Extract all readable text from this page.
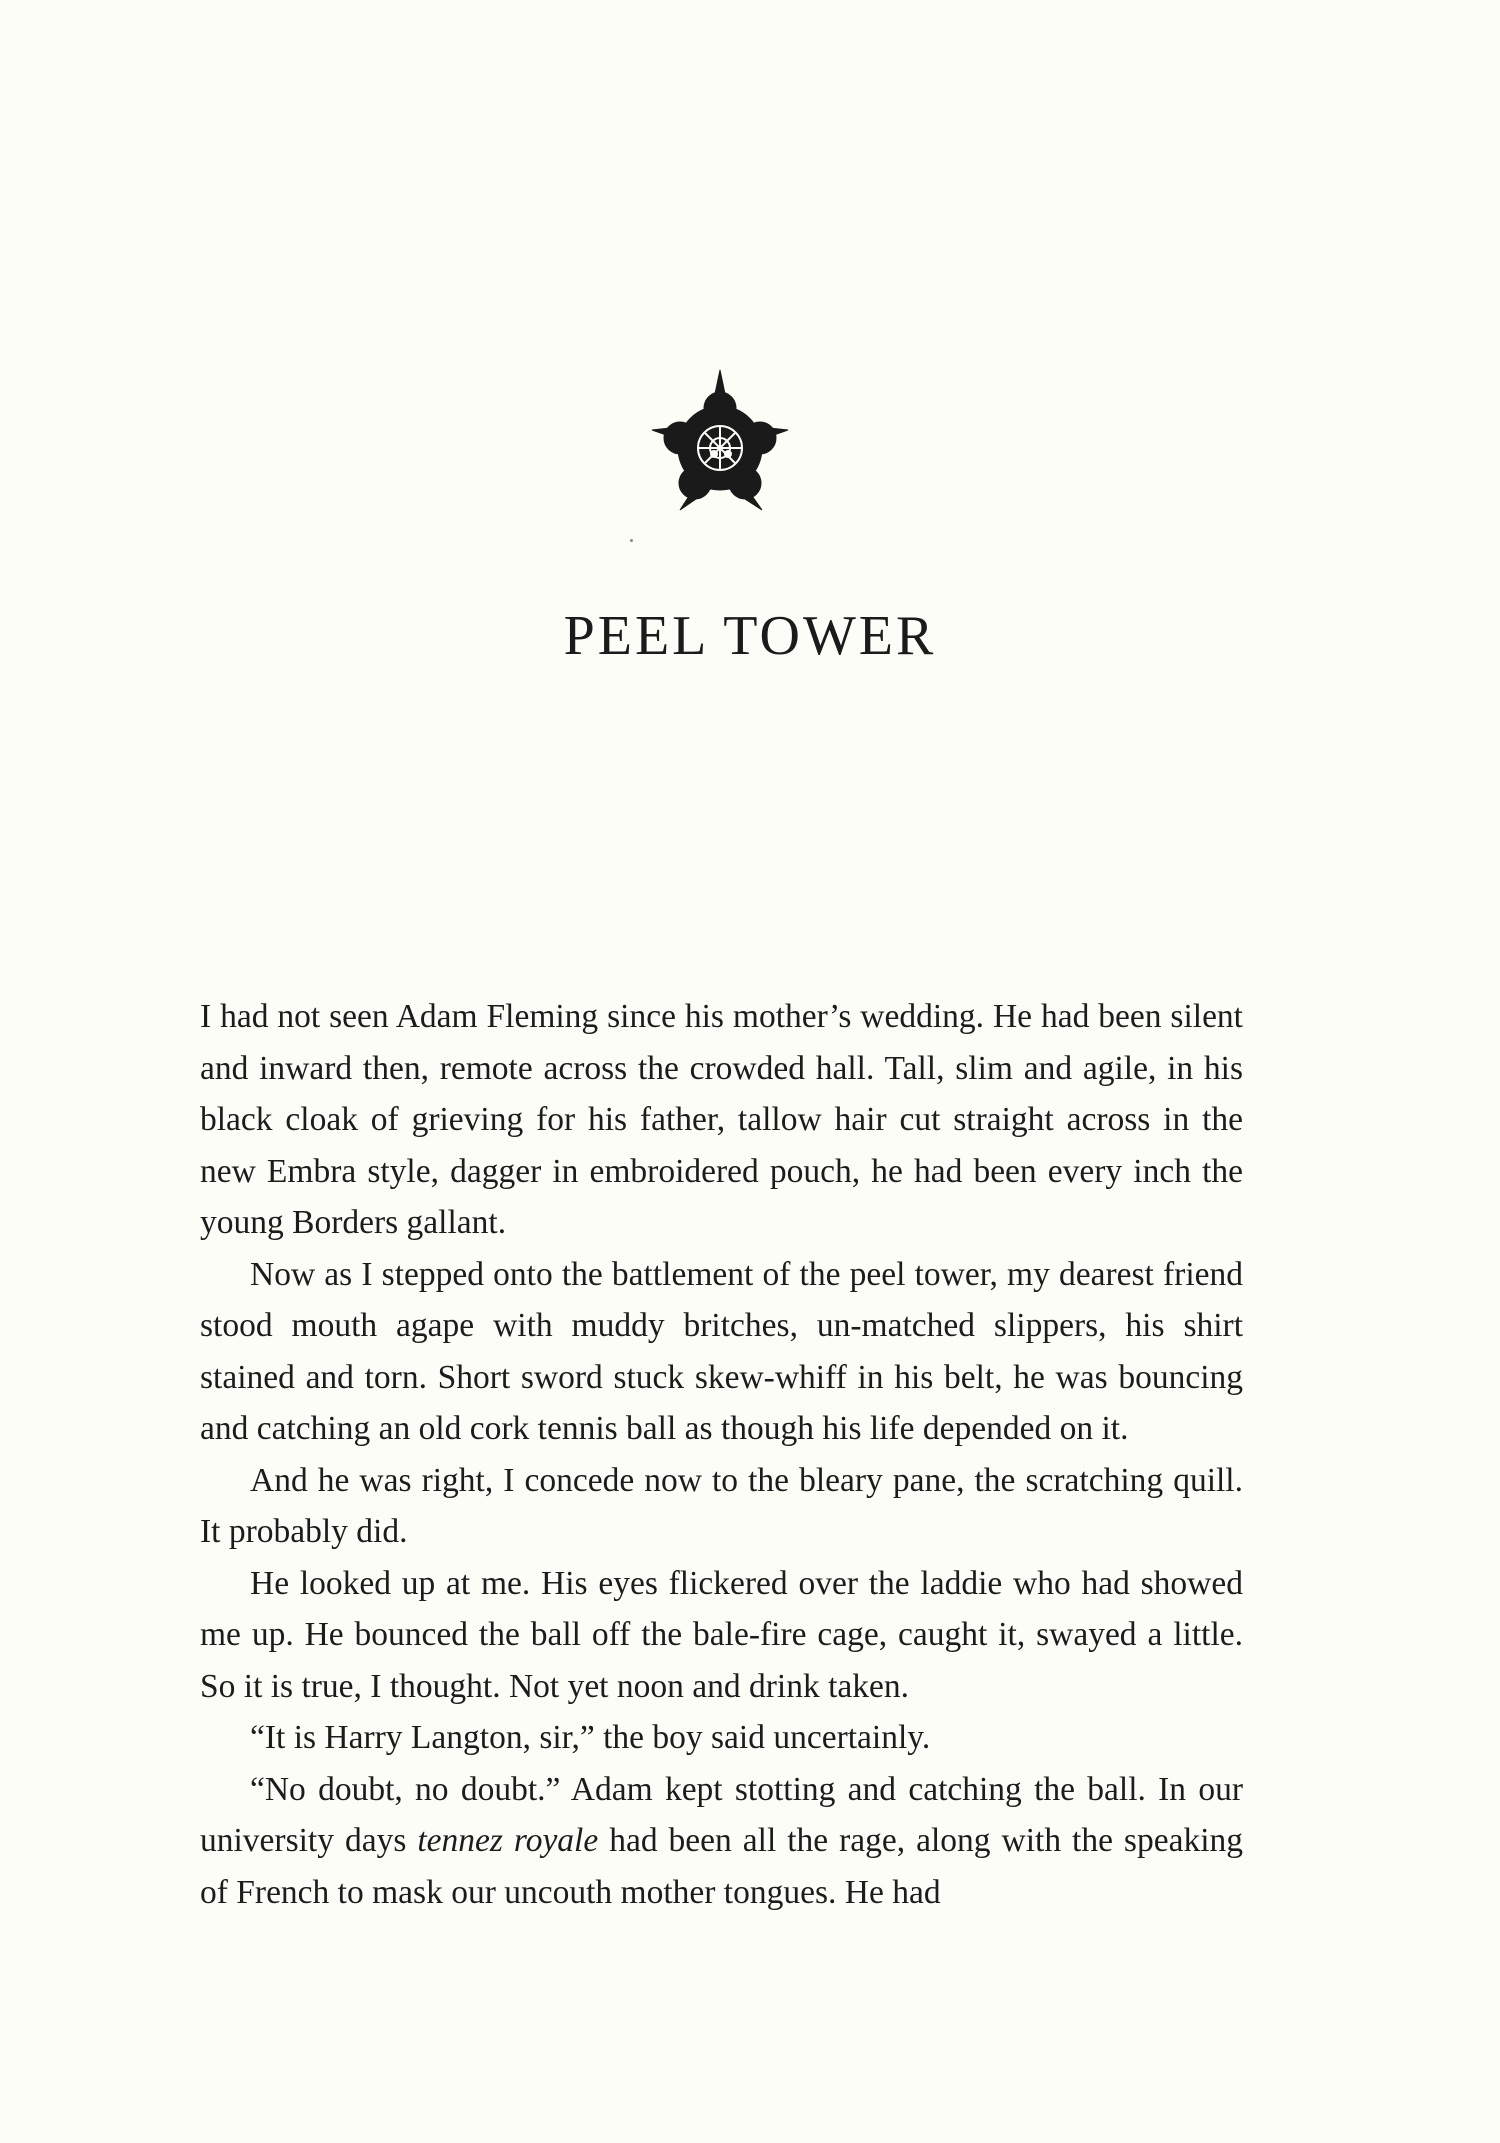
PEEL TOWER

I had not seen Adam Fleming since his mother’s wedding. He had been silent and inward then, remote across the crowded hall. Tall, slim and agile, in his black cloak of grieving for his father, tallow hair cut straight across in the new Embra style, dagger in embroidered pouch, he had been every inch the young Borders gallant.

Now as I stepped onto the battlement of the peel tower, my dearest friend stood mouth agape with muddy britches, un-matched slippers, his shirt stained and torn. Short sword stuck skew-whiff in his belt, he was bouncing and catching an old cork tennis ball as though his life depended on it.

And he was right, I concede now to the bleary pane, the scratching quill. It probably did.

He looked up at me. His eyes flickered over the laddie who had showed me up. He bounced the ball off the bale-fire cage, caught it, swayed a little. So it is true, I thought. Not yet noon and drink taken.

“It is Harry Langton, sir,” the boy said uncertainly.

“No doubt, no doubt.” Adam kept stotting and catching the ball. In our university days tennez royale had been all the rage, along with the speaking of French to mask our uncouth mother tongues. He had
